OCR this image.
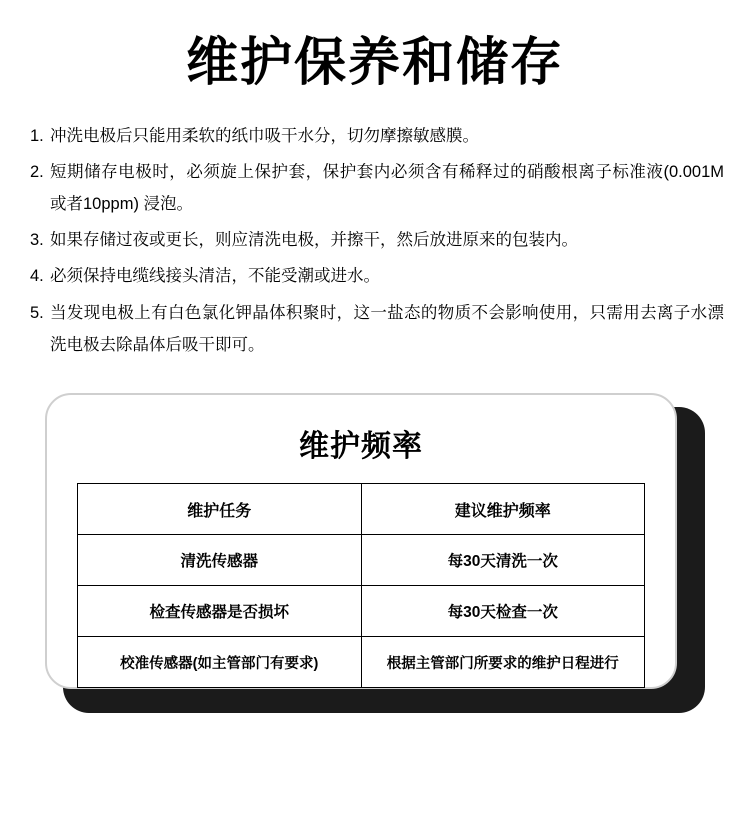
维护保养和储存
1. 冲洗电极后只能用柔软的纸巾吸干水分，切勿摩擦敏感膜。
2. 短期储存电极时，必须旋上保护套，保护套内必须含有稀释过的硝酸根离子标准液(0.001M 或者10ppm) 浸泡。
3. 如果存储过夜或更长，则应清洗电极，并擦干，然后放进原来的包装内。
4. 必须保持电缆线接头清洁，不能受潮或进水。
5. 当发现电极上有白色氯化钾晶体积聚时，这一盐态的物质不会影响使用，只需用去离子水漂洗电极去除晶体后吸干即可。
维护频率
维护任务	建议维护频率
清洗传感器	每30天清洗一次
检查传感器是否损坏	每30天检查一次
校准传感器(如主管部门有要求)	根据主管部门所要求的维护日程进行
